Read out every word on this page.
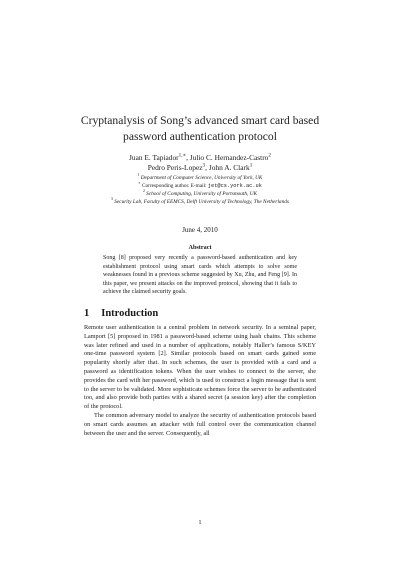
Cryptanalysis of Song’s advanced smart card based
password authentication protocol
Juan E. Tapiador$^{1,∗}$, Julio C. Hernandez-Castro$^2$
Pedro Peris-Lopez$^3$, John A. Clark$^1$
$^1$ Department of Computer Science, University of York, UK
∗ Corresponding author. E-mail: jet@cs.york.ac.uk
$^2$ School of Computing, University of Portsmouth, UK
$^3$ Security Lab, Faculty of EEMCS, Delft University of Technology, The Netherlands
June 4, 2010
Abstract
Song [8] proposed very recently a password-based authentication and key establishment protocol using smart cards which attempts to solve some weaknesses found in a previous scheme suggested by Xu, Zhu, and Feng [9]. In this paper, we present attacks on the improved protocol, showing that it fails to achieve the claimed security goals.
1 Introduction

Remote user authentication is a central problem in network security. In a seminal paper, Lamport [5] proposed in 1981 a password-based scheme using hash chains. This scheme was later refined and used in a number of applications, notably Haller’s famous S/KEY one-time password system [2]. Similar protocols based on smart cards gained some popularity shortly after that. In such schemes, the user is provided with a card and a password as identification tokens. When the user wishes to connect to the server, she provides the card with her password, which is used to construct a login message that is sent to the server to be validated. More sophisticate schemes force the server to be authenticated too, and also provide both parties with a shared secret (a session key) after the completion of the protocol.

The common adversary model to analyze the security of authentication protocols based on smart cards assumes an attacker with full control over the communication channel between the user and the server. Consequently, all

1
